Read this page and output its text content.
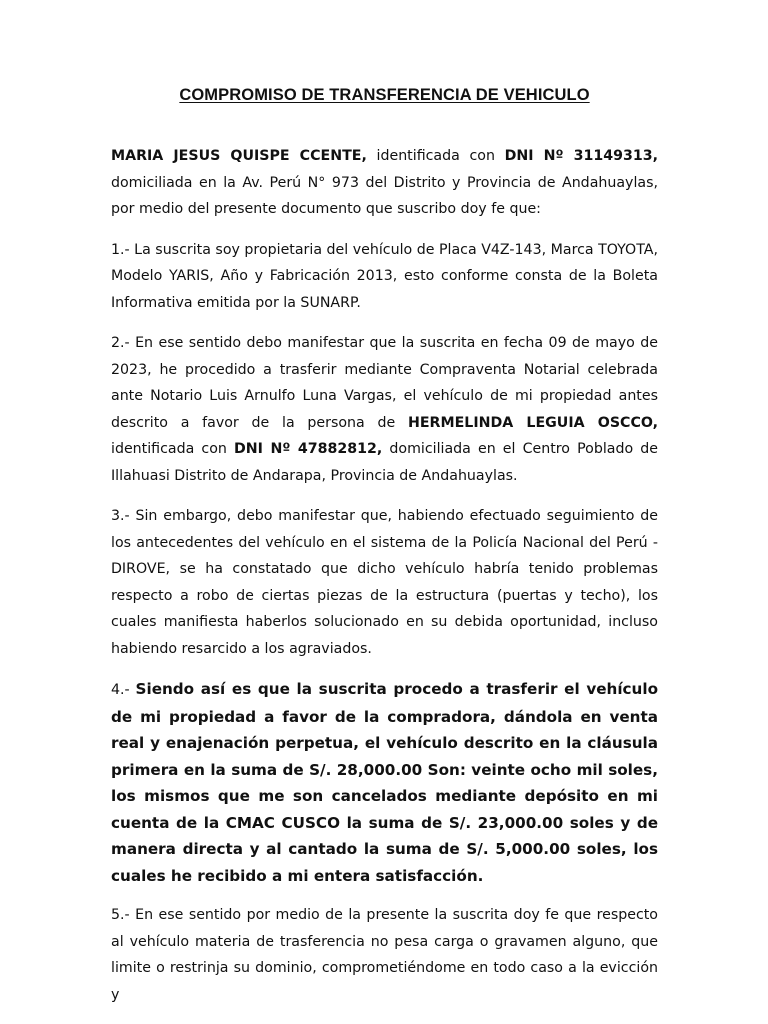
COMPROMISO DE TRANSFERENCIA DE VEHICULO

MARIA JESUS QUISPE CCENTE, identificada con DNI Nº 31149313, domiciliada en la Av. Perú N° 973 del Distrito y Provincia de Andahuaylas, por medio del presente documento que suscribo doy fe que:

1.- La suscrita soy propietaria del vehículo de Placa V4Z-143, Marca TOYOTA, Modelo YARIS, Año y Fabricación 2013, esto conforme consta de la Boleta Informativa emitida por la SUNARP.

2.- En ese sentido debo manifestar que la suscrita en fecha 09 de mayo de 2023, he procedido a trasferir mediante Compraventa Notarial celebrada ante Notario Luis Arnulfo Luna Vargas, el vehículo de mi propiedad antes descrito a favor de la persona de HERMELINDA LEGUIA OSCCO, identificada con DNI Nº 47882812, domiciliada en el Centro Poblado de Illahuasi Distrito de Andarapa, Provincia de Andahuaylas.

3.- Sin embargo, debo manifestar que, habiendo efectuado seguimiento de los antecedentes del vehículo en el sistema de la Policía Nacional del Perú - DIROVE, se ha constatado que dicho vehículo habría tenido problemas respecto a robo de ciertas piezas de la estructura (puertas y techo), los cuales manifiesta haberlos solucionado en su debida oportunidad, incluso habiendo resarcido a los agraviados.

4.- Siendo así es que la suscrita procedo a trasferir el vehículo de mi propiedad a favor de la compradora, dándola en venta real y enajenación perpetua, el vehículo descrito en la cláusula primera en la suma de S/. 28,000.00 Son: veinte ocho mil soles, los mismos que me son cancelados mediante depósito en mi cuenta de la CMAC CUSCO la suma de S/. 23,000.00 soles y de manera directa y al cantado la suma de S/. 5,000.00 soles, los cuales he recibido a mi entera satisfacción.

5.- En ese sentido por medio de la presente la suscrita doy fe que respecto al vehículo materia de trasferencia no pesa carga o gravamen alguno, que limite o restrinja su dominio, comprometiéndome en todo caso a la evicción y
